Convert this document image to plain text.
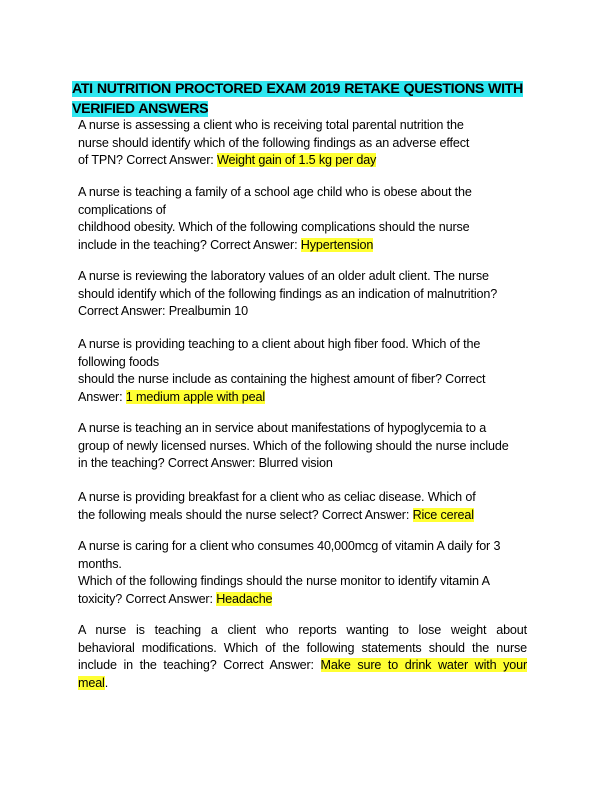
ATI NUTRITION PROCTORED EXAM 2019 RETAKE QUESTIONS WITH
VERIFIED ANSWERS
A nurse is assessing a client who is receiving total parental nutrition the
nurse should identify which of the following findings as an adverse effect
of TPN? Correct Answer: Weight gain of 1.5 kg per day
A nurse is teaching a family of a school age child who is obese about the
complications of
childhood obesity. Which of the following complications should the nurse
include in the teaching? Correct Answer: Hypertension
A nurse is reviewing the laboratory values of an older adult client. The nurse
should identify which of the following findings as an indication of malnutrition?
Correct Answer: Prealbumin 10
A nurse is providing teaching to a client about high fiber food. Which of the
following foods
should the nurse include as containing the highest amount of fiber? Correct
Answer: 1 medium apple with peal
A nurse is teaching an in service about manifestations of hypoglycemia to a
group of newly licensed nurses. Which of the following should the nurse include
in the teaching? Correct Answer: Blurred vision
A nurse is providing breakfast for a client who as celiac disease. Which of
the following meals should the nurse select? Correct Answer: Rice cereal
A nurse is caring for a client who consumes 40,000mcg of vitamin A daily for 3
months.
Which of the following findings should the nurse monitor to identify vitamin A
toxicity? Correct Answer: Headache
A nurse is teaching a client who reports wanting to lose weight about
behavioral modifications. Which of the following statements should the nurse
include in the teaching? Correct Answer: Make sure to drink water with your
meal.
